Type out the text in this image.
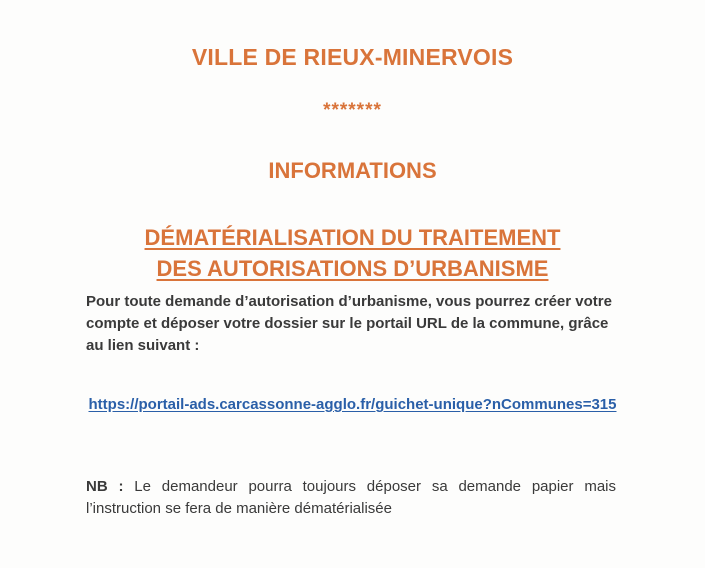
VILLE DE RIEUX-MINERVOIS
*******
INFORMATIONS
DÉMATÉRIALISATION DU TRAITEMENT
DES AUTORISATIONS D’URBANISME
Pour toute demande d’autorisation d’urbanisme, vous pourrez créer votre compte et déposer votre dossier sur le portail URL de la commune, grâce au lien suivant :
https://portail-ads.carcassonne-agglo.fr/guichet-unique?nCommunes=315
NB : Le demandeur pourra toujours déposer sa demande papier mais l’instruction se fera de manière dématérialisée
